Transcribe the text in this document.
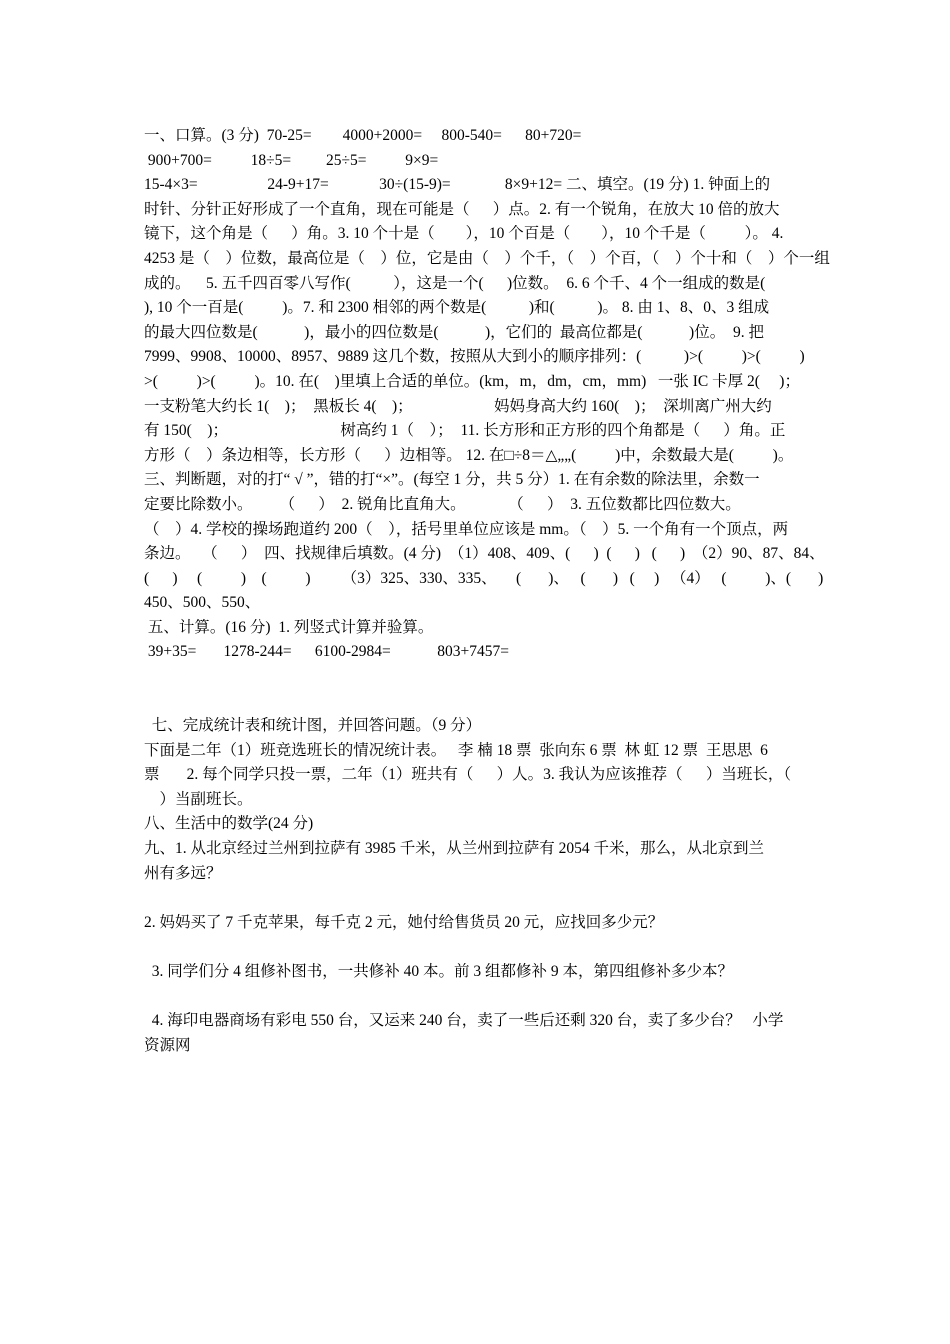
一、口算。(3 分)  70-25=        4000+2000=     800-540=      80+720=
900+700=          18÷5=         25÷5=          9×9=
15-4×3=                  24-9+17=             30÷(15-9)=              8×9+12= 二、填空。(19 分) 1. 钟面上的
时针、分针正好形成了一个直角，现在可能是（      ）点。2. 有一个锐角，在放大 10 倍的放大
镜下，这个角是（      ）角。3. 10 个十是（        ），10 个百是（        ），10 个千是（          ）。 4.
4253 是（    ）位数，最高位是（    ）位，它是由（    ）个千，（    ）个百，（    ）个十和（    ）个一组
成的。    5. 五千四百零八写作(           ），这是一个(      )位数。  6. 6 个千、4 个一组成的数是(
), 10 个一百是(          )。7. 和 2300 相邻的两个数是(           )和(           )。 8. 由 1、8、0、3 组成
的最大四位数是(            )，最小的四位数是(            )，它们的  最高位都是(            )位。  9. 把
7999、9908、10000、8957、9889 这几个数，按照从大到小的顺序排列：(           )>(          )>(          )
>(          )>(          )。10. 在(    )里填上合适的单位。(km，m，dm，cm，mm)   一张 IC 卡厚 2(     )；
一支粉笔大约长 1(    )；  黑板长 4(    )；                     妈妈身高大约 160(    )；  深圳离广州大约
有 150(    )；                             树高约 1（    ）；  11. 长方形和正方形的四个角都是（      ）角。正
方形（    ）条边相等，长方形（      ）边相等。 12. 在□÷8＝△„„(          )中，余数最大是(          )。
三、判断题，对的打“ √ ”，错的打“×”。(每空 1 分，共 5 分）1. 在有余数的除法里，余数一
定要比除数小。       （      ）  2. 锐角比直角大。           （      ）  3. 五位数都比四位数大。
（    ）4. 学校的操场跑道约 200（    ），括号里单位应该是 mm。（    ）5. 一个角有一个顶点，两
条边。   （      ）  四、找规律后填数。(4 分)  （1）408、409、(      )  (      )   (      )  （2）90、87、84、
(      )     (          )    (          )        （3）325、330、335、     (       )、   (       )   (     )   （4）   (          )、(       )
450、500、550、
五、计算。(16 分)  1. 列竖式计算并验算。
39+35=       1278-244=      6100-2984=            803+7457=
七、完成统计表和统计图，并回答问题。（9 分）
下面是二年（1）班竞选班长的情况统计表。   李 楠 18 票  张向东 6 票  林 虹 12 票  王思思  6
票       2. 每个同学只投一票，二年（1）班共有（      ）人。3. 我认为应该推荐（      ）当班长，（
）当副班长。
八、生活中的数学(24 分)
九、1. 从北京经过兰州到拉萨有 3985 千米，从兰州到拉萨有 2054 千米，那么，从北京到兰
州有多远？
2. 妈妈买了 7 千克苹果，每千克 2 元，她付给售货员 20 元，应找回多少元？
3. 同学们分 4 组修补图书，一共修补 40 本。前 3 组都修补 9 本，第四组修补多少本？
4. 海印电器商场有彩电 550 台，又运来 240 台，卖了一些后还剩 320 台，卖了多少台？   小学
资源网
